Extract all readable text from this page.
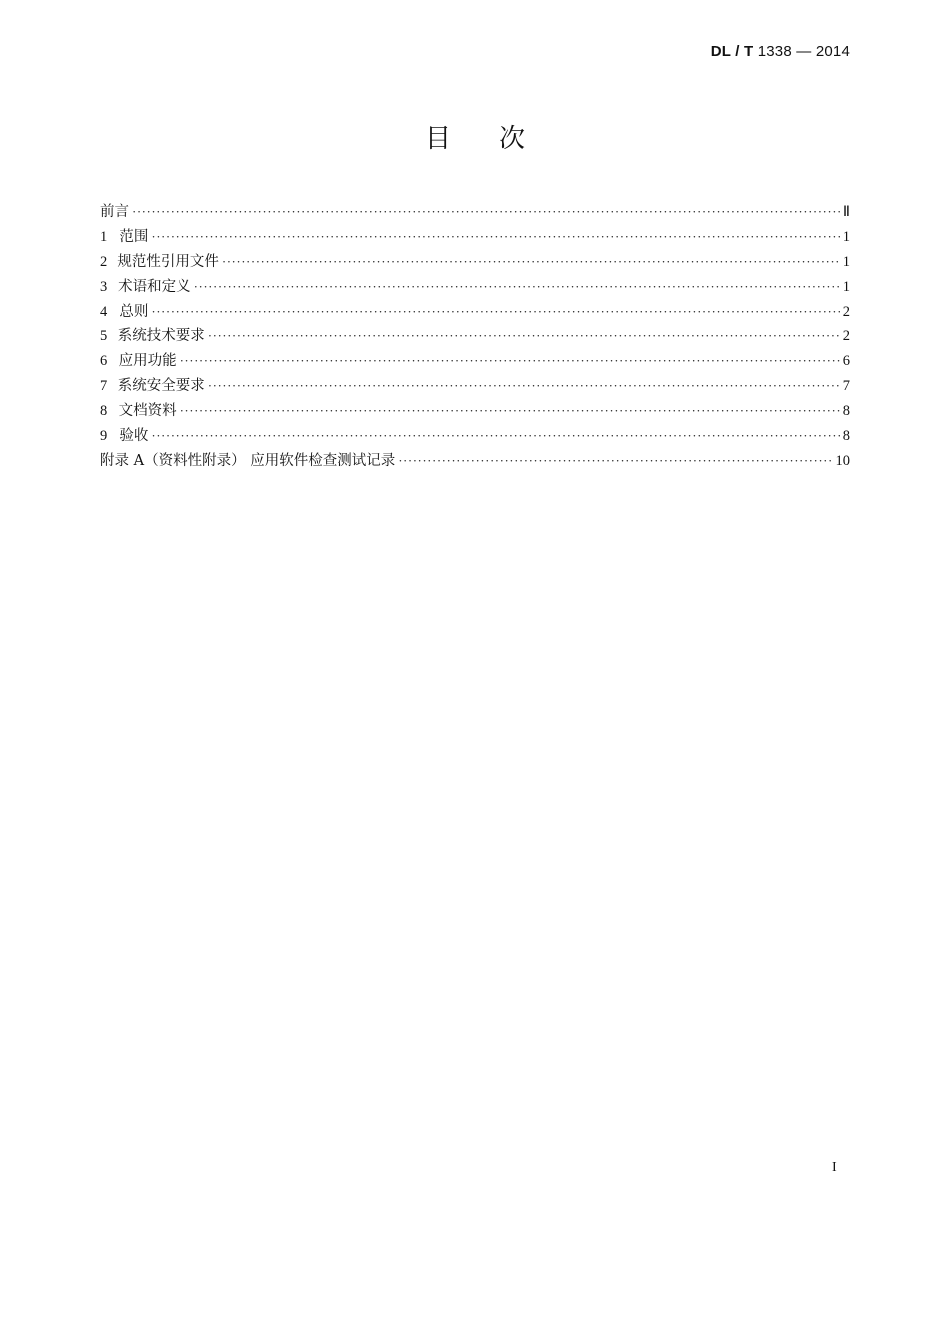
DL / T 1338 — 2014
目次
前言 ·····	Ⅱ
1 范围 ·····	1
2 规范性引用文件 ·····	1
3 术语和定义 ·····	1
4 总则 ·····	2
5 系统技术要求 ·····	2
6 应用功能 ·····	6
7 系统安全要求 ·····	7
8 文档资料 ·····	8
9 验收 ·····	8
附录 A（资料性附录） 应用软件检查测试记录 ·····	10
I
